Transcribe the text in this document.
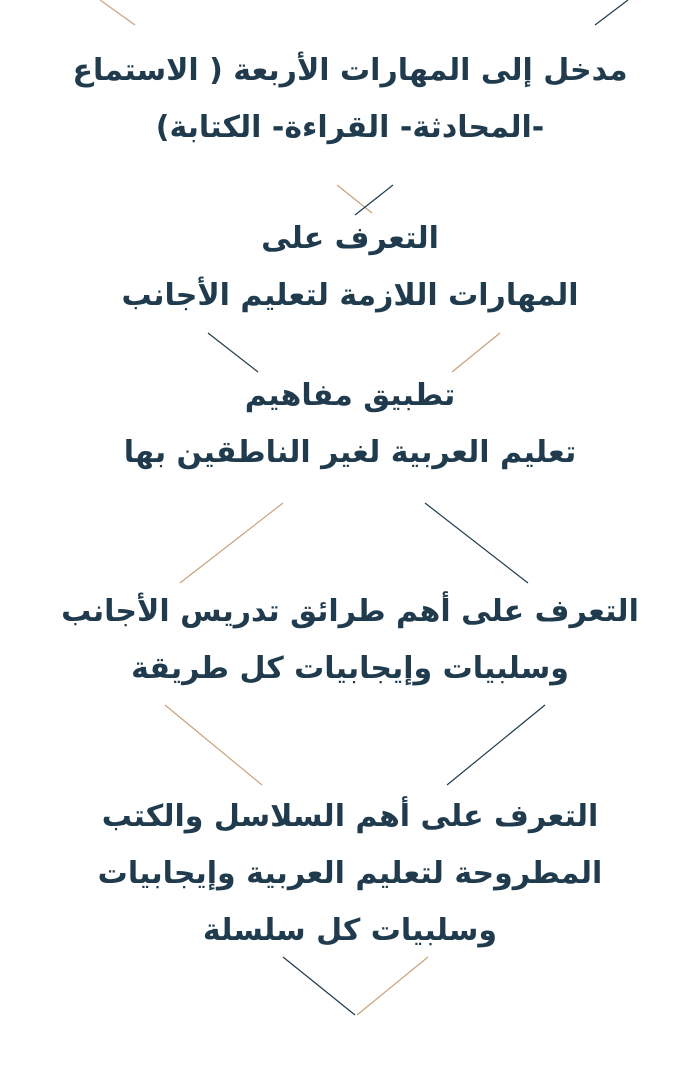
مدخل إلى المهارات الأربعة ( الاستماع
-المحادثة- القراءة- الكتابة)
التعرف على
المهارات اللازمة لتعليم الأجانب
تطبيق مفاهيم
تعليم العربية لغير الناطقين بها
التعرف على أهم طرائق تدريس الأجانب
وسلبيات وإيجابيات كل طريقة
التعرف على أهم السلاسل والكتب
المطروحة لتعليم العربية وإيجابيات
وسلبيات كل سلسلة
